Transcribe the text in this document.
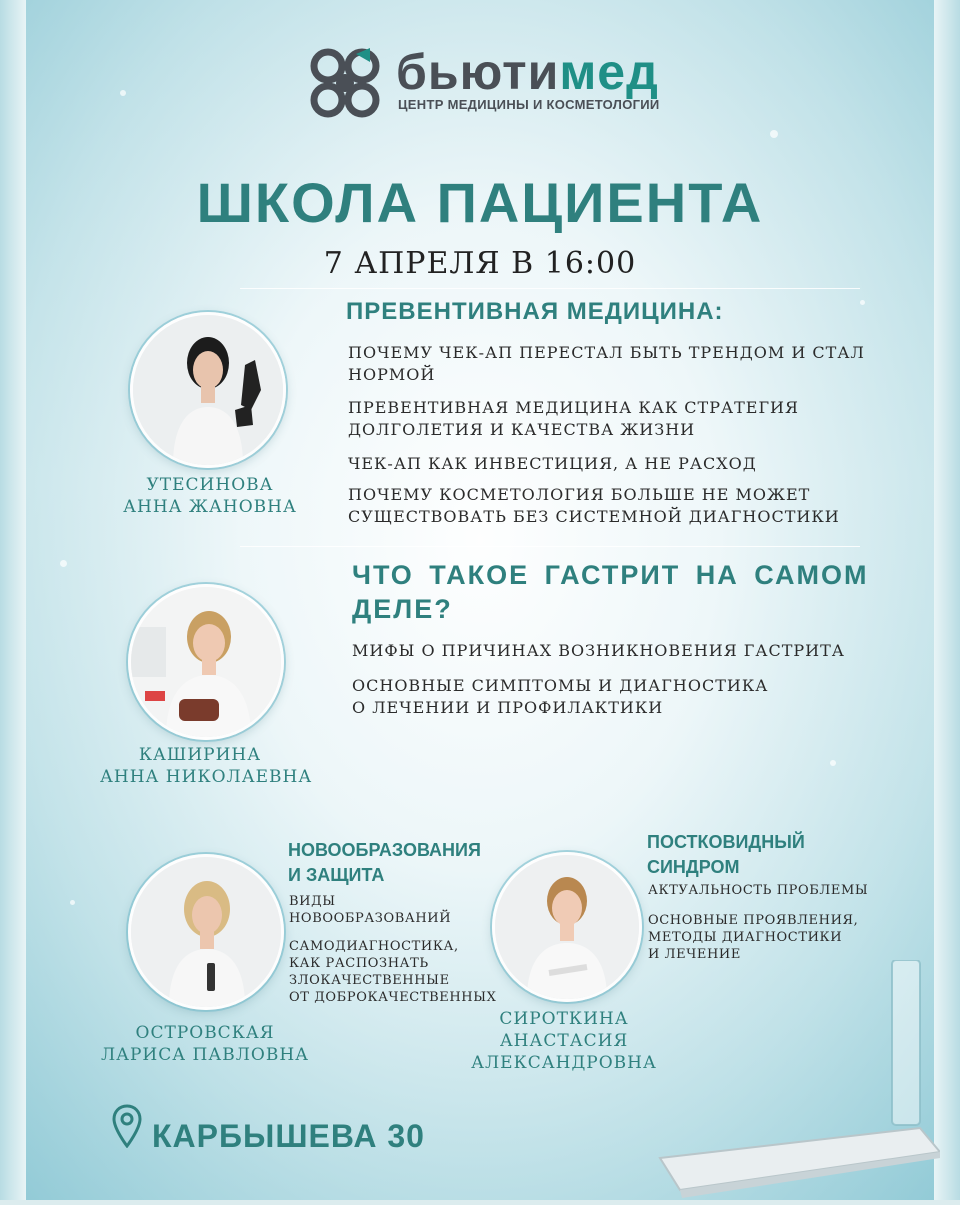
бьютимед
ЦЕНТР МЕДИЦИНЫ И КОСМЕТОЛОГИИ
ШКОЛА ПАЦИЕНТА
7 АПРЕЛЯ В 16:00
УТЕСИНОВА
АННА ЖАНОВНА
ПРЕВЕНТИВНАЯ МЕДИЦИНА:
ПОЧЕМУ ЧЕК-АП ПЕРЕСТАЛ БЫТЬ ТРЕНДОМ И СТАЛ
НОРМОЙ
ПРЕВЕНТИВНАЯ МЕДИЦИНА КАК СТРАТЕГИЯ
ДОЛГОЛЕТИЯ И КАЧЕСТВА ЖИЗНИ
ЧЕК-АП КАК ИНВЕСТИЦИЯ, А НЕ РАСХОД
ПОЧЕМУ КОСМЕТОЛОГИЯ БОЛЬШЕ НЕ МОЖЕТ
СУЩЕСТВОВАТЬ БЕЗ СИСТЕМНОЙ ДИАГНОСТИКИ
КАШИРИНА
АННА НИКОЛАЕВНА
ЧТО ТАКОЕ ГАСТРИТ НА САМОМ
ДЕЛЕ?
МИФЫ О ПРИЧИНАХ ВОЗНИКНОВЕНИЯ ГАСТРИТА
ОСНОВНЫЕ СИМПТОМЫ И ДИАГНОСТИКА
О ЛЕЧЕНИИ И ПРОФИЛАКТИКИ
ОСТРОВСКАЯ
ЛАРИСА ПАВЛОВНА
НОВООБРАЗОВАНИЯ
И ЗАЩИТА
ВИДЫ
НОВООБРАЗОВАНИЙ
САМОДИАГНОСТИКА,
КАК РАСПОЗНАТЬ
ЗЛОКАЧЕСТВЕННЫЕ
ОТ ДОБРОКАЧЕСТВЕННЫХ
СИРОТКИНА
АНАСТАСИЯ
АЛЕКСАНДРОВНА
ПОСТКОВИДНЫЙ
СИНДРОМ
АКТУАЛЬНОСТЬ ПРОБЛЕМЫ
ОСНОВНЫЕ ПРОЯВЛЕНИЯ,
МЕТОДЫ ДИАГНОСТИКИ
И ЛЕЧЕНИЕ
КАРБЫШЕВА 30
